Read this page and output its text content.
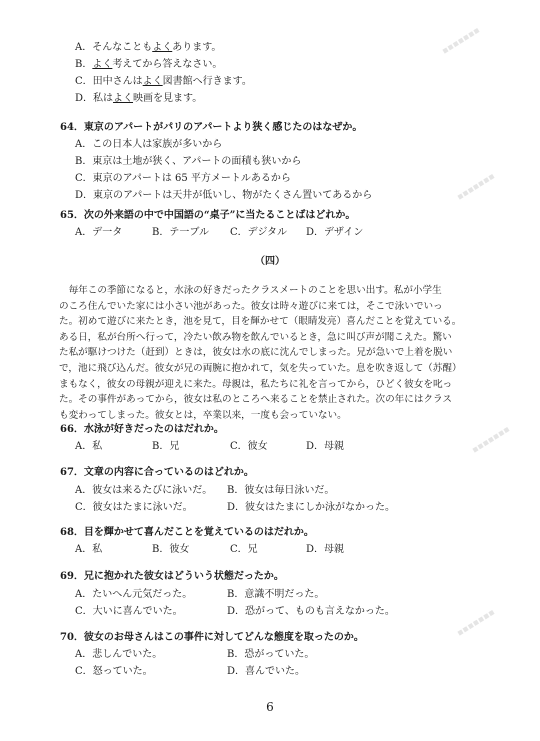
▪▪▪▪▪▪▪
▪▪▪▪▪▪▪
▪▪▪▪▪▪▪
▪▪▪▪▪▪▪
A．そんなこともよくあります。
B．よく考えてから答えなさい。
C．田中さんはよく図書館へ行きます。
D．私はよく映画を見ます。
64．東京のアパートがパリのアパートより狭く感じたのはなぜか。
A．この日本人は家族が多いから
B．東京は土地が狭く、アパートの面積も狭いから
C．東京のアパートは 65 平方メートルあるから
D．東京のアパートは天井が低いし、物がたくさん置いてあるから
65．次の外来語の中で中国語の“桌子”に当たることばはどれか。
A．デ一タ	B．テ一ブル C．デジタル D．デザイン
（四）

　毎年この季節になると，水泳の好きだったクラスメートのことを思い出す。私が小学生

のころ住んでいた家には小さい池があった。彼女は時々遊びに来ては，そこで泳いでいっ

た。初めて遊びに来たとき，池を見て，目を輝かせて（眼睛发亮）喜んだことを覚えている。

ある日，私が台所へ行って，冷たい飲み物を飲んでいるとき，急に叫び声が聞こえた。驚い

た私が駆けつけた（赶到）ときは，彼女は水の底に沈んでしまった。兄が急いで上着を脱い

で，池に飛び込んだ。彼女が兄の両腕に抱かれて，気を失っていた。息を吹き返して（苏醒）

まもなく，彼女の母親が迎えに来た。母親は，私たちに礼を言ってから，ひどく彼女を叱っ

た。その事件があってから，彼女は私のところへ来ることを禁止された。次の年にはクラス

も変わってしまった。彼女とは，卒業以来，一度も会っていない。

66．水泳が好きだったのはだれか。
A．私	B．兄	C．彼女	D．母親
67．文章の内容に合っているのはどれか。
A．彼女は来るたびに泳いだ。 B．彼女は毎日泳いだ。
C．彼女はたまに泳いだ。	D．彼女はたまにしか泳がなかった。
68．目を輝かせて喜んだことを覚えているのはだれか。
A．私	B．彼女	C．兄	D．母親
69．兄に抱かれた彼女はどういう状態だったか。
A．たいへん元気だった。	B．意識不明だった。
C．大いに喜んでいた。	D．恐がって、ものも言えなかった。
70．彼女のお母さんはこの事件に対してどんな態度を取ったのか。
A．悲しんでいた。	B．恐がっていた。
C．怒っていた。	D．喜んでいた。
6
